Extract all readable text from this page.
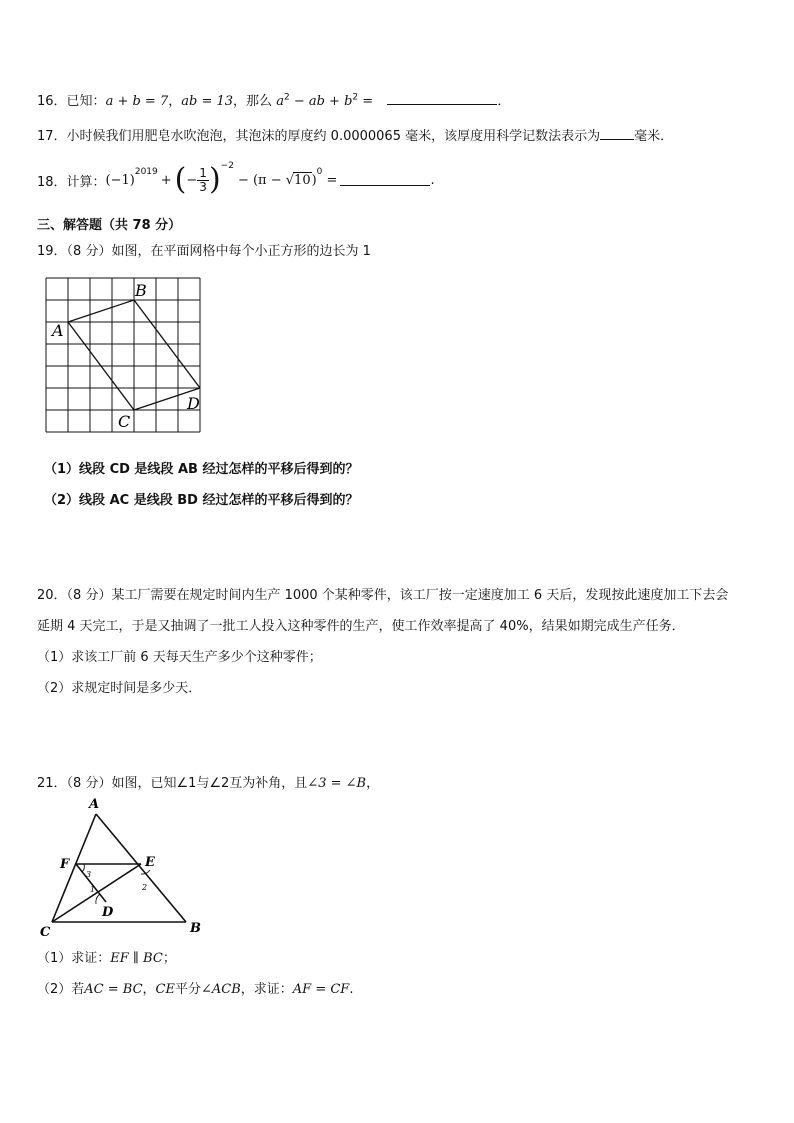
16．已知：a + b = 7，ab = 13，那么 $a^2$ − ab + $b^2$ =	．
17．小时候我们用肥皂水吹泡泡，其泡沫的厚度约 0.0000065 毫米，该厚度用科学记数法表示为	毫米．
18．计算： (−1)
$^{2019}$
+ ( − $\frac{1}{3} )^{-2}$
− (π − √ 10 )
$^0$
=	.
三、解答题（共 78 分）
19．（8 分）如图，在平面网格中每个小正方形的边长为 1
A
B
C
D
（1）线段 CD 是线段 AB 经过怎样的平移后得到的？
（2）线段 AC 是线段 BD 经过怎样的平移后得到的？
20．（8 分）某工厂需要在规定时间内生产 1000 个某种零件，该工厂按一定速度加工 6 天后，发现按此速度加工下去会
延期 4 天完工，于是又抽调了一批工人投入这种零件的生产，使工作效率提高了 40%，结果如期完成生产任务．
（1）求该工厂前 6 天每天生产多少个这种零件；
（2）求规定时间是多少天．
21．（8 分）如图，已知∠1与∠2互为补角，且∠3 = ∠B，
A
F	E
D
C	B
1	2
3
（1）求证：EF ∥ BC；
（2）若AC = BC，CE平分∠ACB，求证：AF = CF.
